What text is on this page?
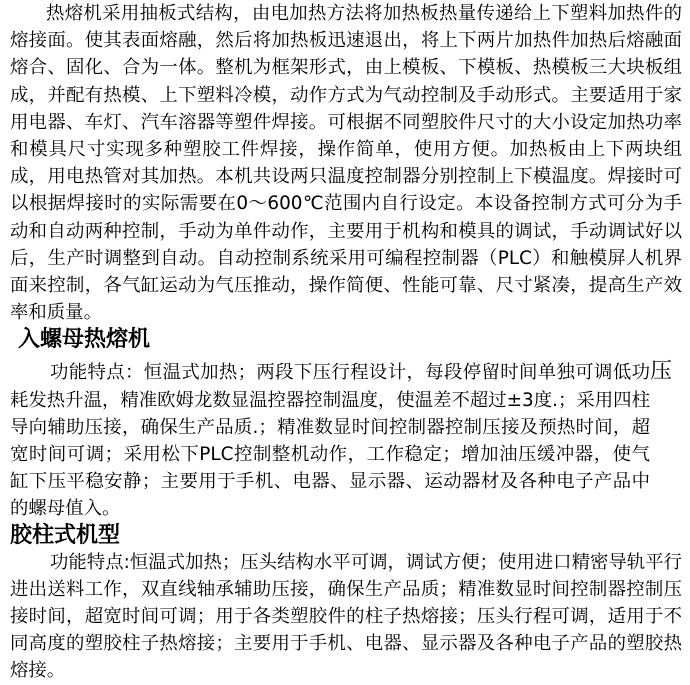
热熔机采用抽板式结构，由电加热方法将加热板热量传递给上下塑料加热件的熔接面。使其表面熔融，然后将加热板迅速退出，将上下两片加热件加热后熔融面熔合、固化、合为一体。整机为框架形式，由上模板、下模板、热模板三大块板组成，并配有热模、上下塑料冷模，动作方式为气动控制及手动形式。主要适用于家用电器、车灯、汽车溶器等塑件焊接。可根据不同塑胶件尺寸的大小设定加热功率和模具尺寸实现多种塑胶工件焊接，操作简单，使用方便。加热板由上下两块组成，用电热管对其加热。本机共设两只温度控制器分别控制上下模温度。焊接时可以根据焊接时的实际需要在0～600℃范围内自行设定。本设备控制方式可分为手动和自动两种控制，手动为单件动作，主要用于机构和模具的调试，手动调试好以后，生产时调整到自动。自动控制系统采用可编程控制器（PLC）和触模屏人机界面来控制，各气缸运动为气压推动，操作简便、性能可靠、尺寸紧凑，提高生产效率和质量。

入螺母热熔机

功能特点：恒温式加热；两段下压行程设计，每段停留时间单独可调低功耗发热升温，精准欧姆龙数显温控器控制温度，使温差不超过±3度.；采用四柱导向辅助压接，确保生产品质.；精准数显时间控制器控制压接及预热时间，超宽时间可调；采用松下PLC控制整机动作，工作稳定；增加油压缓冲器，使气缸下压平稳安静；主要用于手机、电器、显示器、运动器材及各种电子产品中的螺母值入。

压
胶柱式机型

功能特点:恒温式加热；压头结构水平可调，调试方便；使用进口精密导轨平行进出送料工作，双直线轴承辅助压接，确保生产品质；精准数显时间控制器控制压接时间，超宽时间可调；用于各类塑胶件的柱子热熔接；压头行程可调，适用于不同高度的塑胶柱子热熔接；主要用于手机、电器、显示器及各种电子产品的塑胶热熔接。
